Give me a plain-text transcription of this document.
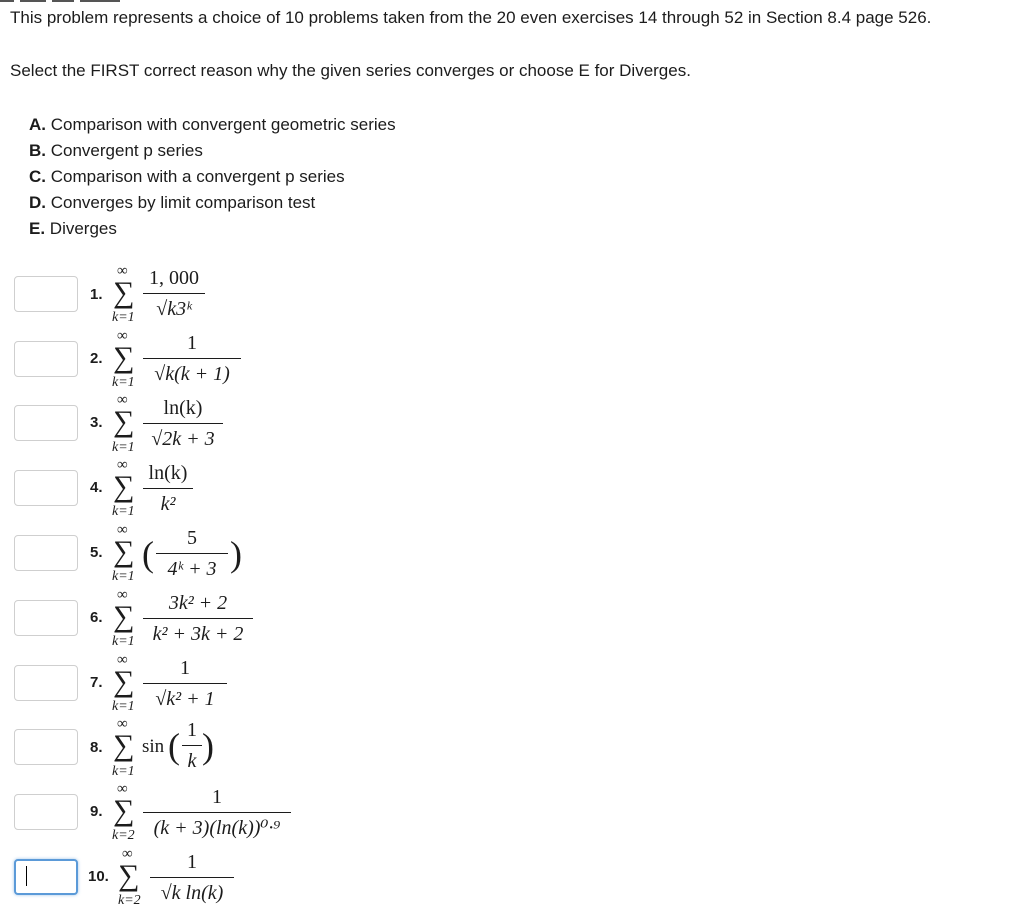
This problem represents a choice of 10 problems taken from the 20 even exercises 14 through 52 in Section 8.4 page 526.
Select the FIRST correct reason why the given series converges or choose E for Diverges.
A. Comparison with convergent geometric series
B. Convergent p series
C. Comparison with a convergent p series
D. Converges by limit comparison test
E. Diverges
1.
∞
∑
k=1
1, 000
√k3ᵏ
2.
∞
∑
k=1
1
√k(k + 1)
3.
∞
∑
k=1
ln(k)
√2k + 3
4.
∞
∑
k=1
ln(k)
k²
5.
∞
∑
k=1
(	5
4ᵏ + 3 )
6.
∞
∑
k=1
3k² + 2
k² + 3k + 2
7.
∞
∑
k=1
1
√k² + 1
8.
∞
∑
k=1
sin ( 1
k )
9.
∞
∑
k=2
1
(k + 3)(ln(k))⁰·⁹
10.
∞
∑
k=2
1
√k ln(k)
